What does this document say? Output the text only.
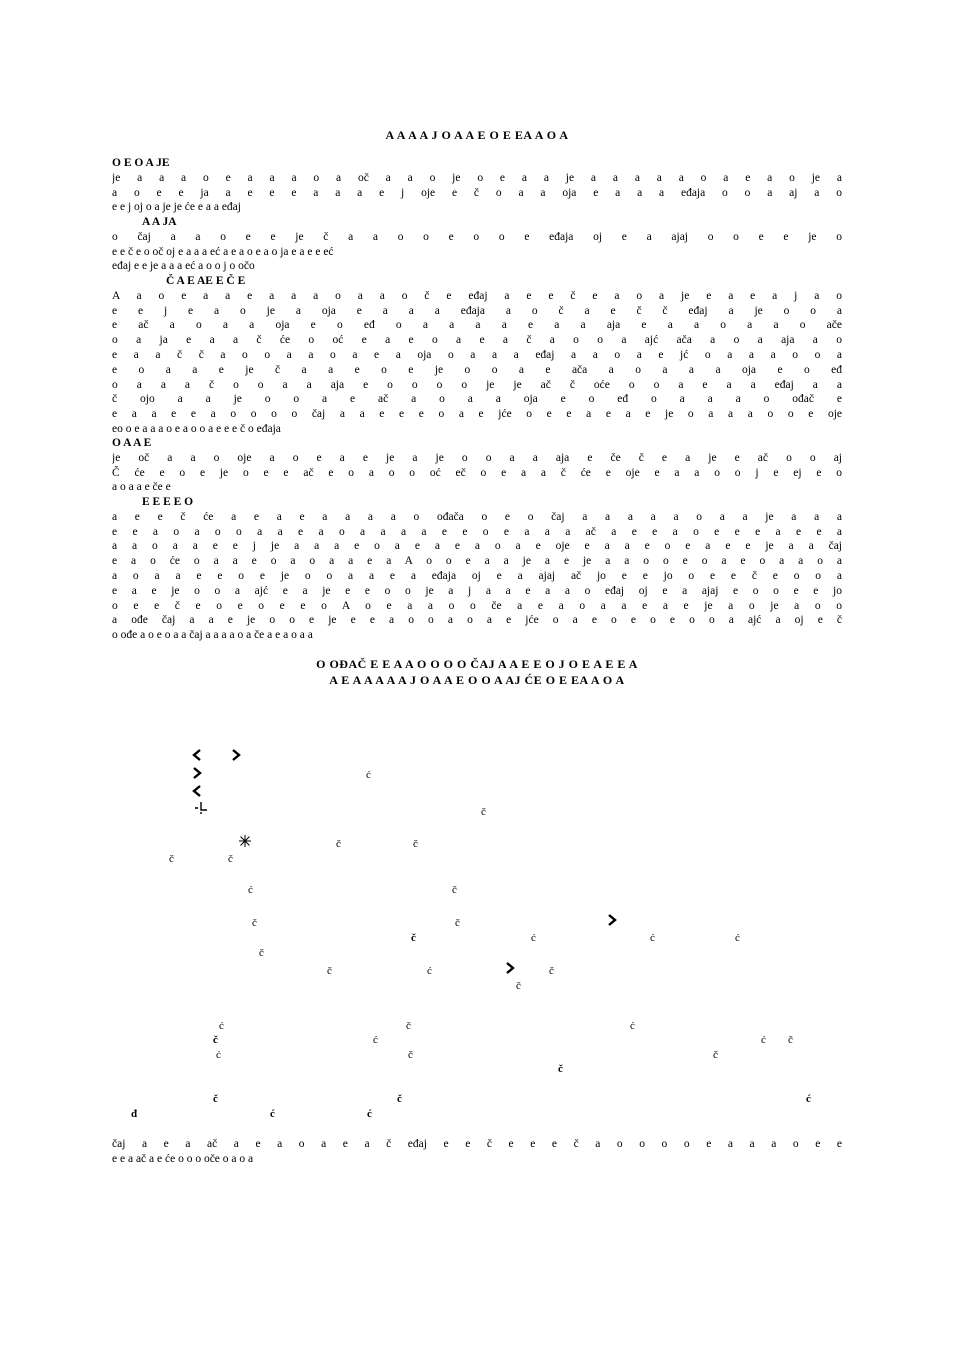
A A A A J O A A E O E EA A O A
O E O A JE
je a a a o e a a a o a oč a a o je o e a a je a a a a a o a e a o je a
a o e e ja a e e e a a a e j oje e č o a a oja e a a a eđaja o o a aj a o
e e j oj o a je je će e a a eđaj
A A JA
o čaj a a o e e je č a a o o e o o e eđaja oj e a ajaj o o e e je o
e e č e o oč oj e a a a eć a e a o e a o ja e a e e eć
eđaj e e je a a a eć a o o j o očo
Č A E AE E Č E
A a o e a a e a a a o a a o č e eđaj a e e č e a o a je e a e a j a o
e e j e a o je a oja e a a a eđaja a o č a e č č eđaj a je o o a
e ač a o a a oja e o eđ o a a a a e a a aja e a a o a a o ače
o a ja e a a č će o oć e a e o a e a č a o o a ajć ača a o a aja a o
e a a č č a o o a a o a e a oja o a a a eđaj a a o a e jć o a a a o o a
e o a a e je č a a e o e je o o a e ača a o a a a oja e o eđ
o a a a č o o a a aja e o o o o je je ač č oće o o a e a a eđaj a a
č ojo a a je o o a e ač a o a a oja e o eđ o a a a o ođač e
e a a e e a o o o o čaj a a e e e o a e jće o e e a e a e je o a a a o o e oje
eo o e a a a o e a o o a e e e č o eđaja
O A A E
je oč a a o oje a o e a e je a je o o a a aja e če č e a je e ač o o aj
Č će e o e je o e e ač e o a o o oć eč o e a a č će e oje e a a o o j e ej e o
a o a a e če e
E E E E O
a e e č će a e a e a a a a o ođača o e o čaj a a a a a o a a je a a a
e e a o a o o a a e a o a a a a e e o e a a a ač a e e a o e e e a e e a
a a o a a e e j je a a a e o a e a e a o a e oje e a a e o e a e e je a a čaj
e a o će o a a e o a o a a e a A o o e a a je a e je a a o o e o a e o a a o a
a o a a e e o e je o o a a e a eđaja oj e a ajaj ač jo e e jo o e e č e o o a
e a e je o o a ajć e a je e e o o je a j a a e a a o eđaj oj e a ajaj e o o e e jo
o e e č e o e o e e o A o e a a o o če a e a o a a e a e je a o je a o o
a ođe čaj a a e je o o e je e e a o o a o a e jće o a e o e o e o o a ajć a oj e č
o ođe a o e o a a čaj a a a a o a če a e a o a a
O OĐAČ E E A A O O O O ČAJ A A E E O J O E A E E A
A E A A A A A J O A A E O O A AJ ĆE O E EA A O A
ć
č
č	č
č	č
ć	č
č	č
č	ć	ć	ć
č
č	ć	č
č
ć	č	ć
č	ć	ć č
ć	č	č
č
č	č	ć
đ	ć	ć
čaj a e a ač a e a o a e a č eđaj e e č e e e č a o o o o e a a a o e e
e e a ač a e će o o o oče o a o a
